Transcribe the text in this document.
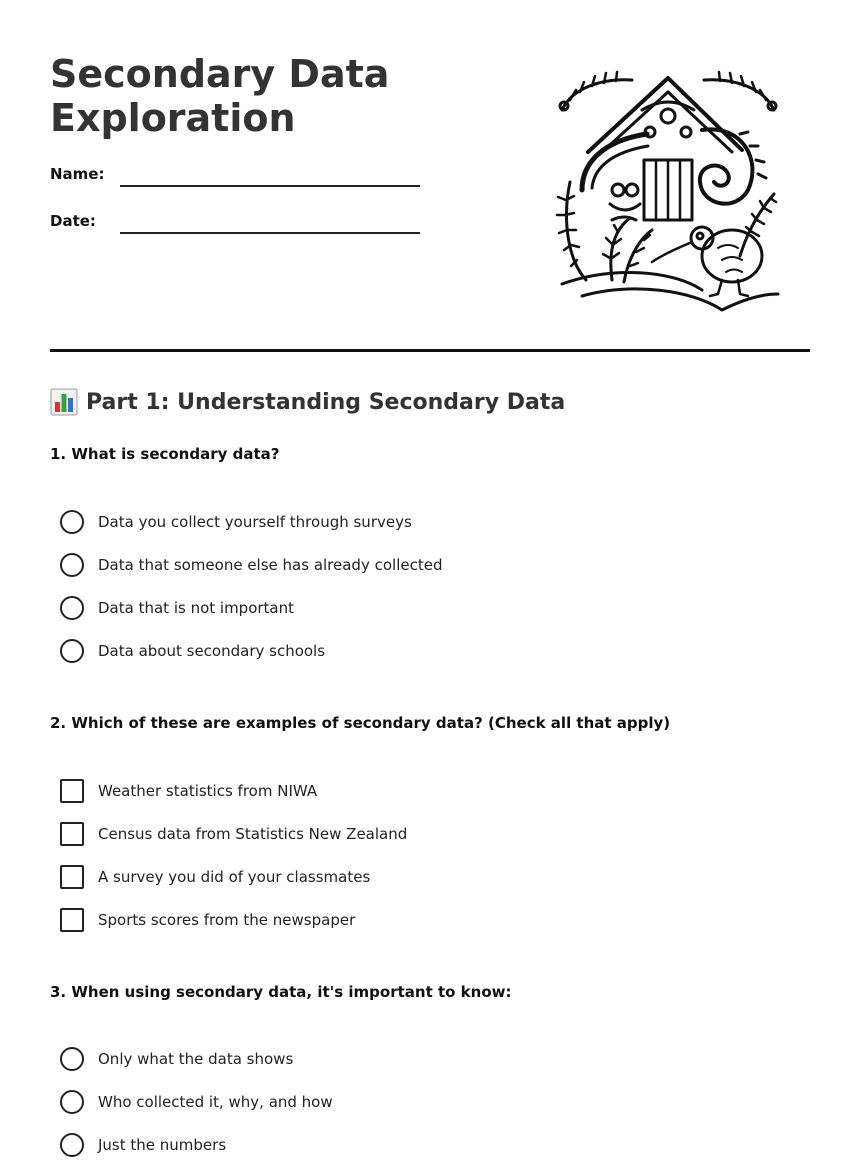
Secondary Data Exploration
Name:
Date:
Part 1: Understanding Secondary Data

1. What is secondary data?

Data you collect yourself through surveys
Data that someone else has already collected
Data that is not important
Data about secondary schools

2. Which of these are examples of secondary data? (Check all that apply)

Weather statistics from NIWA
Census data from Statistics New Zealand
A survey you did of your classmates
Sports scores from the newspaper

3. When using secondary data, it's important to know:

Only what the data shows
Who collected it, why, and how
Just the numbers
